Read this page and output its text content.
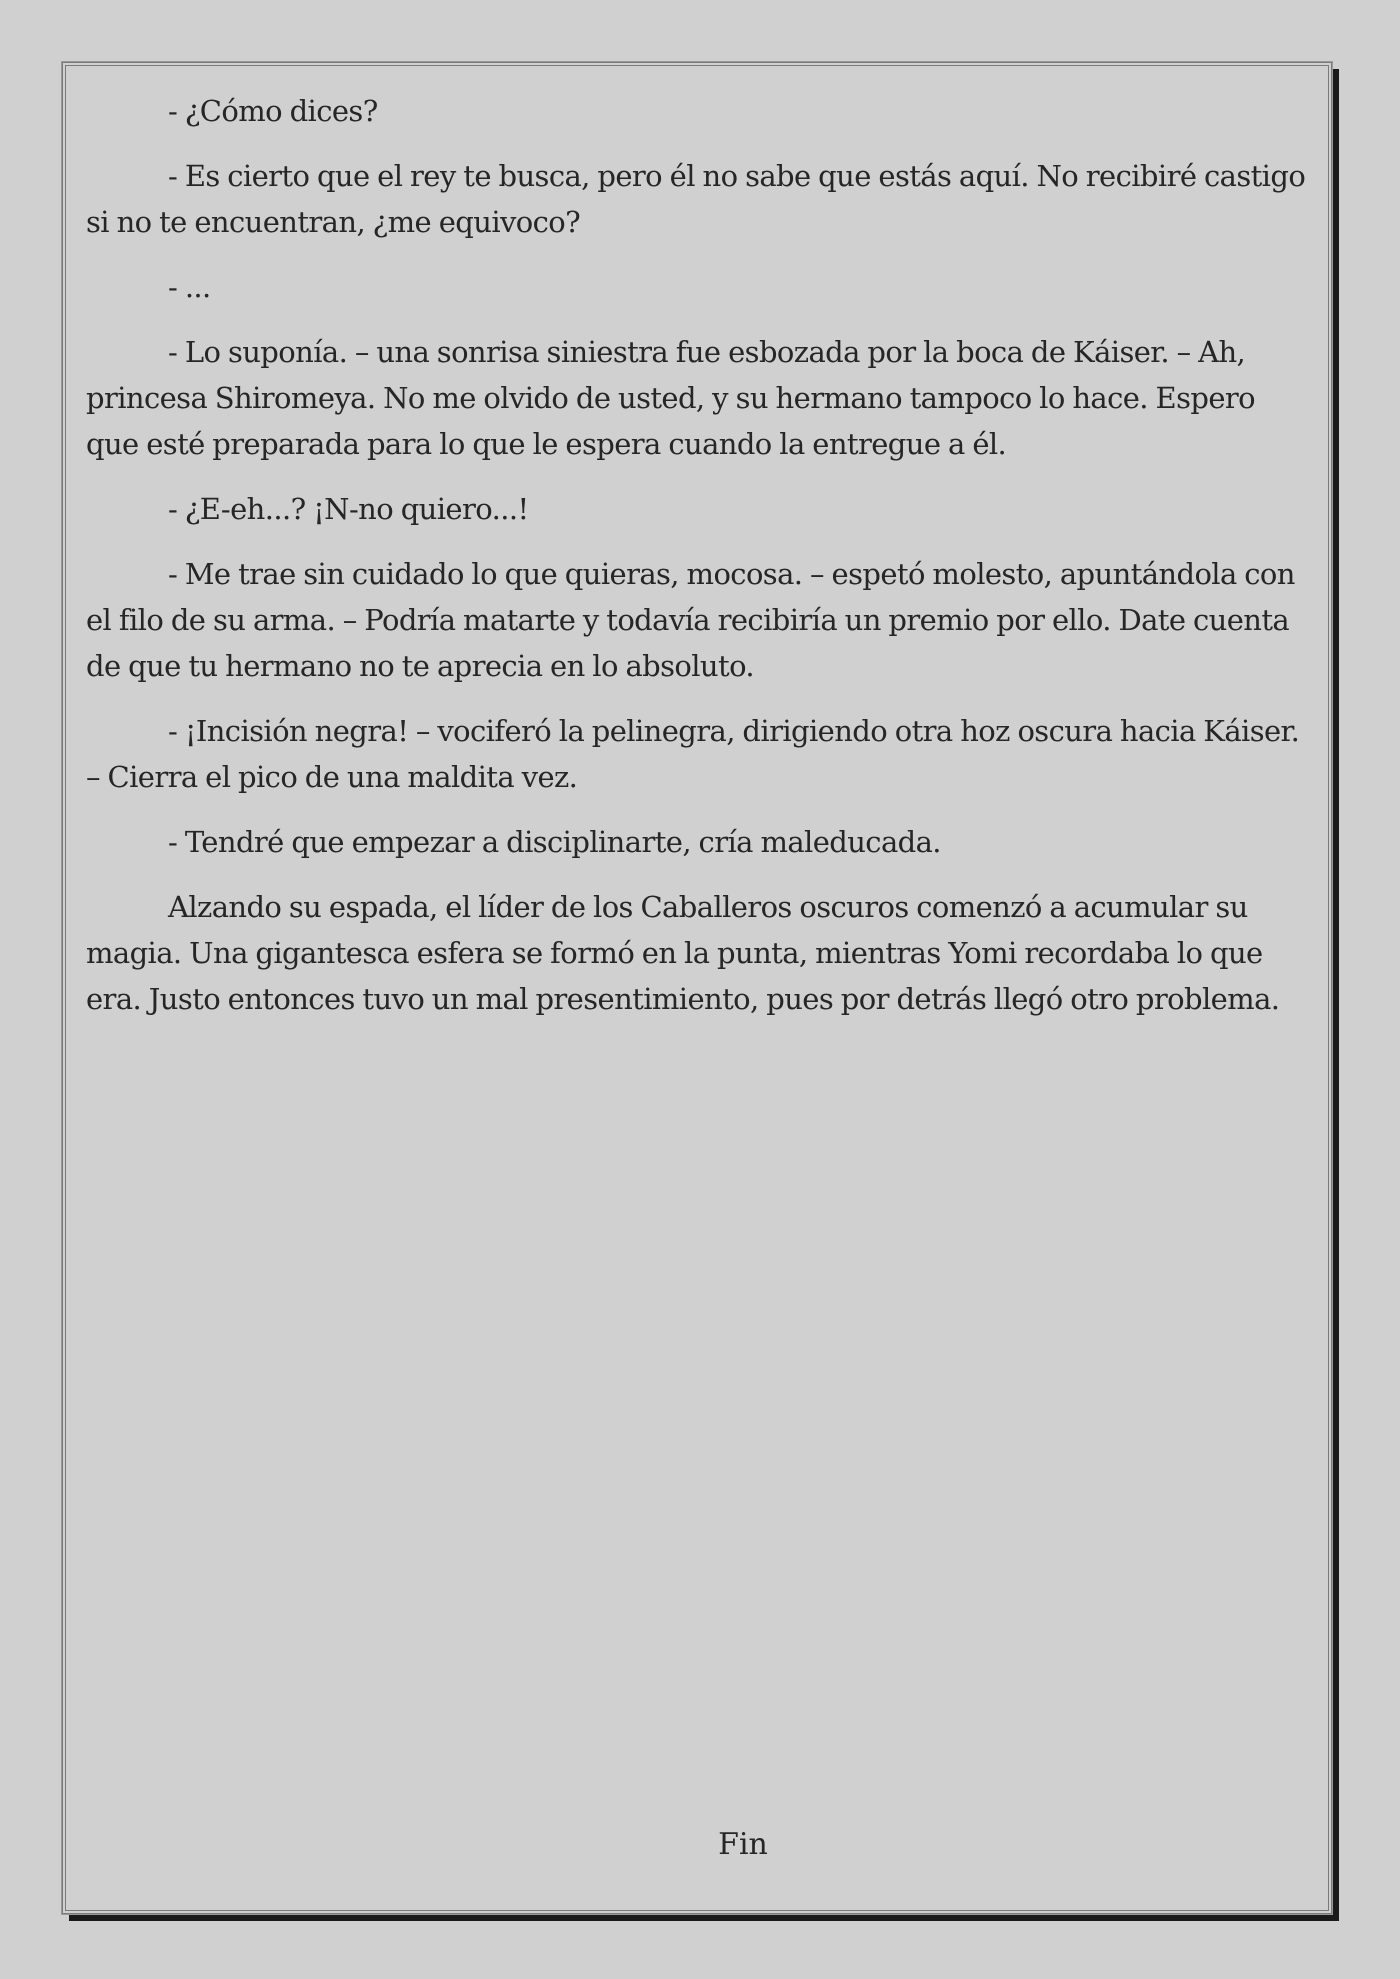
- ¿Cómo dices?

- Es cierto que el rey te busca, pero él no sabe que estás aquí. No recibiré castigo si no te encuentran, ¿me equivoco?

- ...

- Lo suponía. – una sonrisa siniestra fue esbozada por la boca de Káiser. – Ah, princesa Shiromeya. No me olvido de usted, y su hermano tampoco lo hace. Espero que esté preparada para lo que le espera cuando la entregue a él.

- ¿E-eh...? ¡N-no quiero...!

- Me trae sin cuidado lo que quieras, mocosa. – espetó molesto, apuntándola con el filo de su arma. – Podría matarte y todavía recibiría un premio por ello. Date cuenta de que tu hermano no te aprecia en lo absoluto.

- ¡Incisión negra! – vociferó la pelinegra, dirigiendo otra hoz oscura hacia Káiser. – Cierra el pico de una maldita vez.

- Tendré que empezar a disciplinarte, cría maleducada.

Alzando su espada, el líder de los Caballeros oscuros comenzó a acumular su magia. Una gigantesca esfera se formó en la punta, mientras Yomi recordaba lo que era. Justo entonces tuvo un mal presentimiento, pues por detrás llegó otro problema.

Fin
